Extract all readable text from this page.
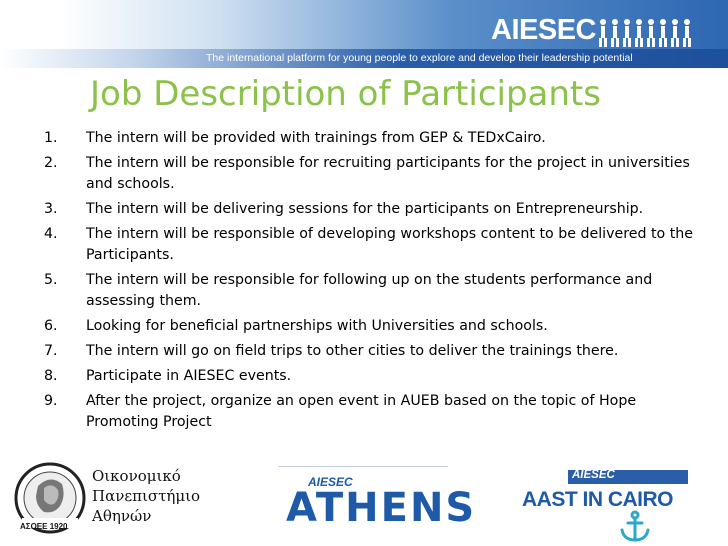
AIESEC
The international platform for young people to explore and develop their leadership potential
Job Description of Participants
1.	The intern will be provided with trainings from GEP & TEDxCairo.
2.	The intern will be responsible for recruiting participants for the project in universities and schools.
3.	The intern will be delivering sessions for the participants on Entrepreneurship.
4.	The intern will be responsible of developing workshops content to be delivered to the Participants.
5.	The intern will be responsible for following up on the students performance and assessing them.
6.	Looking for beneficial partnerships with Universities and schools.
7.	The intern will go on field trips to other cities to deliver the trainings there.
8.	Participate in AIESEC events.
9.	After the project, organize an open event in AUEB based on the topic of Hope Promoting Project
Οικονομικό
Πανεπιστήμιο
Αθηνών
ΑΣΟΕΕ 1920
AIESEC
ATHENS
AIESEC
AAST IN CAIRO
